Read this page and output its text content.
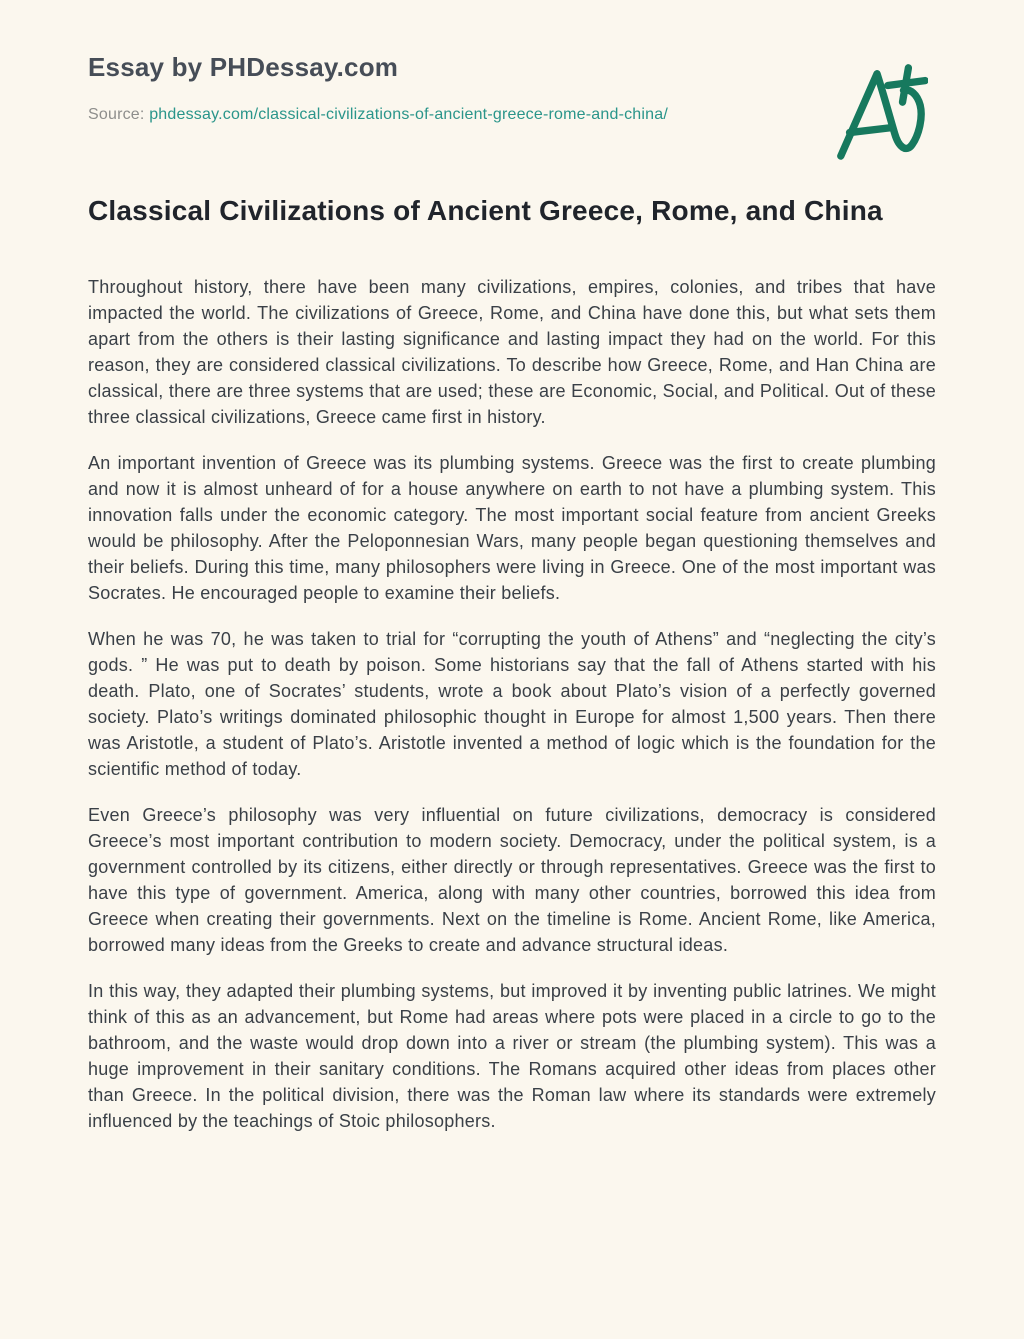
Essay by PHDessay.com
Source: phdessay.com/classical-civilizations-of-ancient-greece-rome-and-china/
Classical Civilizations of Ancient Greece, Rome, and China

Throughout history, there have been many civilizations, empires, colonies, and tribes that have impacted the world. The civilizations of Greece, Rome, and China have done this, but what sets them apart from the others is their lasting significance and lasting impact they had on the world. For this reason, they are considered classical civilizations. To describe how Greece, Rome, and Han China are classical, there are three systems that are used; these are Economic, Social, and Political. Out of these three classical civilizations, Greece came first in history.

An important invention of Greece was its plumbing systems. Greece was the first to create plumbing and now it is almost unheard of for a house anywhere on earth to not have a plumbing system. This innovation falls under the economic category. The most important social feature from ancient Greeks would be philosophy. After the Peloponnesian Wars, many people began questioning themselves and their beliefs. During this time, many philosophers were living in Greece. One of the most important was Socrates. He encouraged people to examine their beliefs.

When he was 70, he was taken to trial for “corrupting the youth of Athens” and “neglecting the city’s gods. ” He was put to death by poison. Some historians say that the fall of Athens started with his death. Plato, one of Socrates’ students, wrote a book about Plato’s vision of a perfectly governed society. Plato’s writings dominated philosophic thought in Europe for almost 1,500 years. Then there was Aristotle, a student of Plato’s. Aristotle invented a method of logic which is the foundation for the scientific method of today.

Even Greece’s philosophy was very influential on future civilizations, democracy is considered Greece’s most important contribution to modern society. Democracy, under the political system, is a government controlled by its citizens, either directly or through representatives. Greece was the first to have this type of government. America, along with many other countries, borrowed this idea from Greece when creating their governments. Next on the timeline is Rome. Ancient Rome, like America, borrowed many ideas from the Greeks to create and advance structural ideas.

In this way, they adapted their plumbing systems, but improved it by inventing public latrines. We might think of this as an advancement, but Rome had areas where pots were placed in a circle to go to the bathroom, and the waste would drop down into a river or stream (the plumbing system). This was a huge improvement in their sanitary conditions. The Romans acquired other ideas from places other than Greece. In the political division, there was the Roman law where its standards were extremely influenced by the teachings of Stoic philosophers.
